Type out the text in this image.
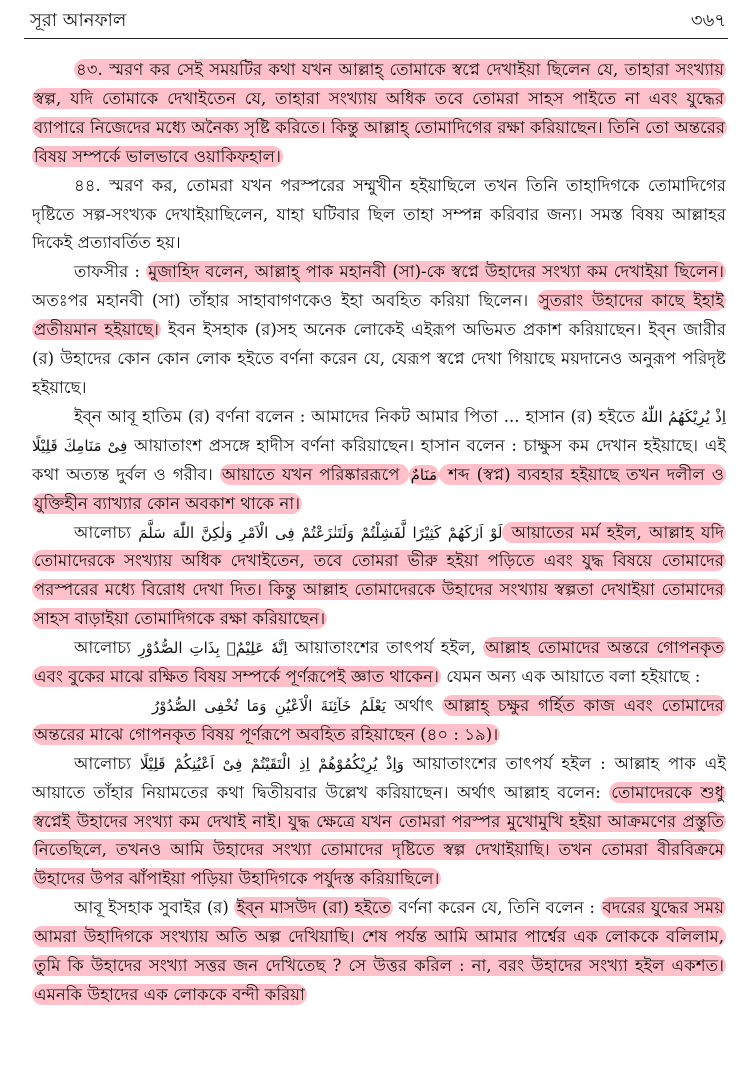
সূরা আনফাল	৩৬৭

৪৩. স্মরণ কর সেই সময়টির কথা যখন আল্লাহ্ তোমাকে স্বপ্নে দেখাইয়া ছিলেন যে, তাহারা সংখ্যায় স্বল্প, যদি তোমাকে দেখাইতেন যে, তাহারা সংখ্যায় অধিক তবে তোমরা সাহস পাইতে না এবং যুদ্ধের ব্যাপারে নিজেদের মধ্যে অনৈক্য সৃষ্টি করিতে। কিন্তু আল্লাহ্ তোমাদিগের রক্ষা করিয়াছেন। তিনি তো অন্তরের বিষয় সম্পর্কে ভালভাবে ওয়াকিফহাল।

৪৪. স্মরণ কর, তোমরা যখন পরস্পরের সম্মুখীন হইয়াছিলে তখন তিনি তাহাদিগকে তোমাদিগের দৃষ্টিতে সল্প-সংখ্যক দেখাইয়াছিলেন, যাহা ঘটিবার ছিল তাহা সম্পন্ন করিবার জন্য। সমস্ত বিষয় আল্লাহর দিকেই প্রত্যাবর্তিত হয়।

তাফসীর : মুজাহিদ বলেন, আল্লাহ্ পাক মহানবী (সা)-কে স্বপ্নে উহাদের সংখ্যা কম দেখাইয়া ছিলেন। অতঃপর মহানবী (সা) তাঁহার সাহাবাগণকেও ইহা অবহিত করিয়া ছিলেন। সুতরাং উহাদের কাছে ইহাই প্রতীয়মান হইয়াছে। ইবন ইসহাক (র)সহ অনেক লোকেই এইরূপ অভিমত প্রকাশ করিয়াছেন। ইব্‌ন জারীর (র) উহাদের কোন কোন লোক হইতে বর্ণনা করেন যে, যেরূপ স্বপ্নে দেখা গিয়াছে ময়দানেও অনুরূপ পরিদৃষ্ট হইয়াছে।

ইব্‌ন আবূ হাতিম (র) বর্ণনা বলেন : আমাদের নিকট আমার পিতা ... হাসান (র) হইতে اِذْ يُرِيْكَهُمُ اللّٰهُ فِىْ مَنَامِكَ قَلِيْلًا আয়াতাংশ প্রসঙ্গে হাদীস বর্ণনা করিয়াছেন। হাসান বলেন : চাক্ষুস কম দেখান হইয়াছে। এই কথা অত্যন্ত দুর্বল ও গরীব। আয়াতে যখন পরিষ্কাররূপে مَنَامٌ শব্দ (স্বপ্ন) ব্যবহার হইয়াছে তখন দলীল ও যুক্তিহীন ব্যাখ্যার কোন অবকাশ থাকে না।

আলোচ্য لَوْ اَرٰكَهُمْ كَثِيْرًا لَّفَشِلْتُمْ وَلَتَنٰزَعْتُمْ فِى الْاَمْرِ وَلٰكِنَّ اللّٰهَ سَلَّمَ আয়াতের মর্ম হইল, আল্লাহ যদি তোমাদেরকে সংখ্যায় অধিক দেখাইতেন, তবে তোমরা ভীরু হইয়া পড়িতে এবং যুদ্ধ বিষয়ে তোমাদের পরস্পরের মধ্যে বিরোধ দেখা দিত। কিন্তু আল্লাহ তোমাদেরকে উহাদের সংখ্যায় স্বল্পতা দেখাইয়া তোমাদের সাহস বাড়াইয়া তোমাদিগকে রক্ষা করিয়াছেন।

আলোচ্য اِنَّهٗ عَلِيْمٌۢ بِذَاتِ الصُّدُوْرِ আয়াতাংশের তাৎপর্য হইল, আল্লাহ তোমাদের অন্তরে গোপনকৃত এবং বুকের মাঝে রক্ষিত বিষয় সম্পর্কে পূর্ণরূপেই জ্ঞাত থাকেন। যেমন অন্য এক আয়াতে বলা হইয়াছে :

يَعْلَمُ خَآئِنَةَ الْاَعْيُنِ وَمَا تُخْفِى الصُّدُوْرُ অর্থাৎ আল্লাহ্ চক্ষুর গর্হিত কাজ এবং তোমাদের অন্তরের মাঝে গোপনকৃত বিষয় পূর্ণরূপে অবহিত রহিয়াছেন (৪০ : ১৯)।

আলোচ্য وَاِذْ يُرِيْكُمُوْهُمْ اِذِ الْتَقَيْتُمْ فِىْ اَعْيُنِكُمْ قَلِيْلًا আয়াতাংশের তাৎপর্য হইল : আল্লাহ পাক এই আয়াতে তাঁহার নিয়ামতের কথা দ্বিতীয়বার উল্লেখ করিয়াছেন। অর্থাৎ আল্লাহ বলেন: তোমাদেরকে শুধু স্বপ্নেই উহাদের সংখ্যা কম দেখাই নাই। যুদ্ধ ক্ষেত্রে যখন তোমরা পরস্পর মুখোমুখি হইয়া আক্রমণের প্রস্তুতি নিতেছিলে, তখনও আমি উহাদের সংখ্যা তোমাদের দৃষ্টিতে স্বল্প দেখাইয়াছি। তখন তোমরা বীরবিক্রমে উহাদের উপর ঝাঁপাইয়া পড়িয়া উহাদিগকে পর্যুদস্ত করিয়াছিলে।

আবূ ইসহাক সুবাইর (র) ইব্‌ন মাসউদ (রা) হইতে বর্ণনা করেন যে, তিনি বলেন : বদরের যুদ্ধের সময় আমরা উহাদিগকে সংখ্যায় অতি অল্প দেখিয়াছি। শেষ পর্যন্ত আমি আমার পার্শ্বের এক লোককে বলিলাম, তুমি কি উহাদের সংখ্যা সত্তর জন দেখিতেছ ? সে উত্তর করিল : না, বরং উহাদের সংখ্যা হইল একশত। এমনকি উহাদের এক লোককে বন্দী করিয়া
